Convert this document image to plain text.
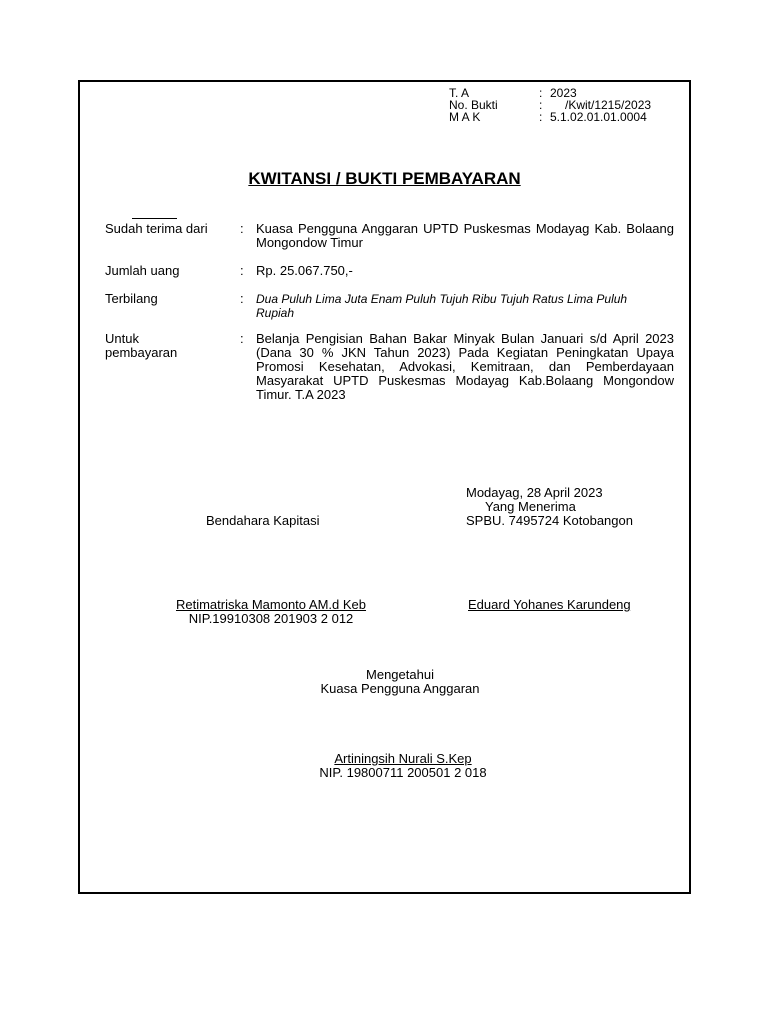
T. A	: 2023
No. Bukti	: /Kwit/1215/2023
M A K	: 5.1.02.01.01.0004
KWITANSI / BUKTI PEMBAYARAN
Sudah terima dari : Kuasa Pengguna Anggaran UPTD Puskesmas Modayag Kab. Bolaang Mongondow Timur
Jumlah uang	: Rp. 25.067.750,-
Terbilang	: Dua Puluh Lima Juta Enam Puluh Tujuh Ribu Tujuh Ratus Lima Puluh Rupiah
Untuk
pembayaran
: Belanja Pengisian Bahan Bakar Minyak Bulan Januari s/d April 2023 (Dana 30 % JKN Tahun 2023) Pada Kegiatan Peningkatan Upaya Promosi Kesehatan, Advokasi, Kemitraan, dan Pemberdayaan Masyarakat UPTD Puskesmas Modayag Kab.Bolaang Mongondow Timur. T.A 2023
Modayag, 28 April 2023
Yang Menerima
SPBU. 7495724 Kotobangon
Bendahara Kapitasi
Retimatriska Mamonto AM.d Keb
NIP.19910308 201903 2 012
Eduard Yohanes Karundeng
Mengetahui
Kuasa Pengguna Anggaran
Artiningsih Nurali S.Kep
NIP. 19800711 200501 2 018
